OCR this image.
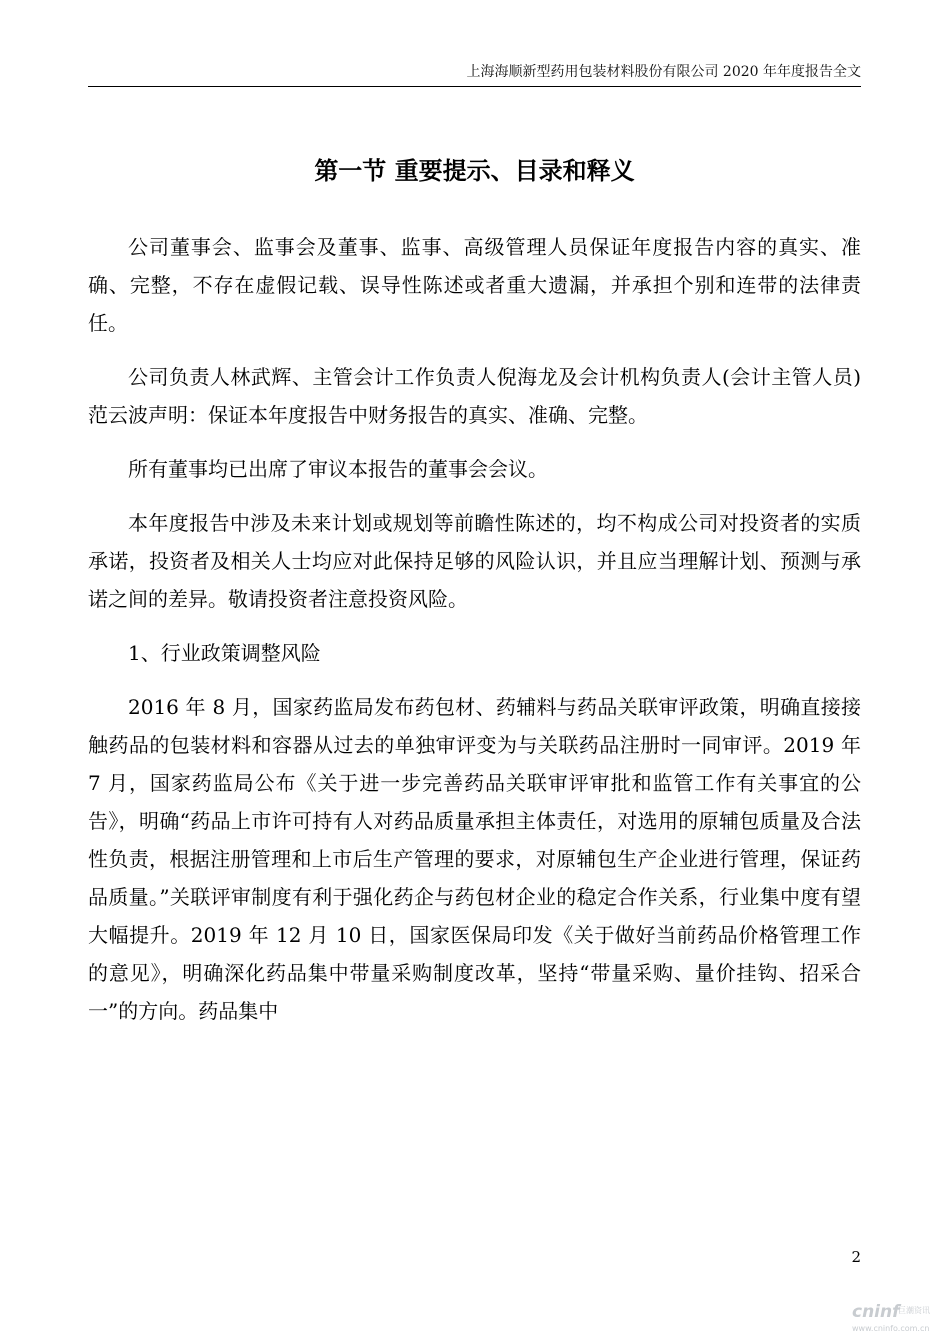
上海海顺新型药用包装材料股份有限公司 2020 年年度报告全文
第一节 重要提示、目录和释义

公司董事会、监事会及董事、监事、高级管理人员保证年度报告内容的真实、准确、完整，不存在虚假记载、误导性陈述或者重大遗漏，并承担个别和连带的法律责任。

公司负责人林武辉、主管会计工作负责人倪海龙及会计机构负责人(会计主管人员)范云波声明：保证本年度报告中财务报告的真实、准确、完整。

所有董事均已出席了审议本报告的董事会会议。

本年度报告中涉及未来计划或规划等前瞻性陈述的，均不构成公司对投资者的实质承诺，投资者及相关人士均应对此保持足够的风险认识，并且应当理解计划、预测与承诺之间的差异。敬请投资者注意投资风险。

1、行业政策调整风险

2016 年 8 月，国家药监局发布药包材、药辅料与药品关联审评政策，明确直接接触药品的包装材料和容器从过去的单独审评变为与关联药品注册时一同审评。2019 年 7 月，国家药监局公布《关于进一步完善药品关联审评审批和监管工作有关事宜的公告》，明确“药品上市许可持有人对药品质量承担主体责任，对选用的原辅包质量及合法性负责，根据注册管理和上市后生产管理的要求，对原辅包生产企业进行管理，保证药品质量。”关联评审制度有利于强化药企与药包材企业的稳定合作关系，行业集中度有望大幅提升。2019 年 12 月 10 日，国家医保局印发《关于做好当前药品价格管理工作的意见》，明确深化药品集中带量采购制度改革，坚持“带量采购、量价挂钩、招采合一”的方向。药品集中

2
cninf
巨潮资讯
www.cninfo.com.cn
